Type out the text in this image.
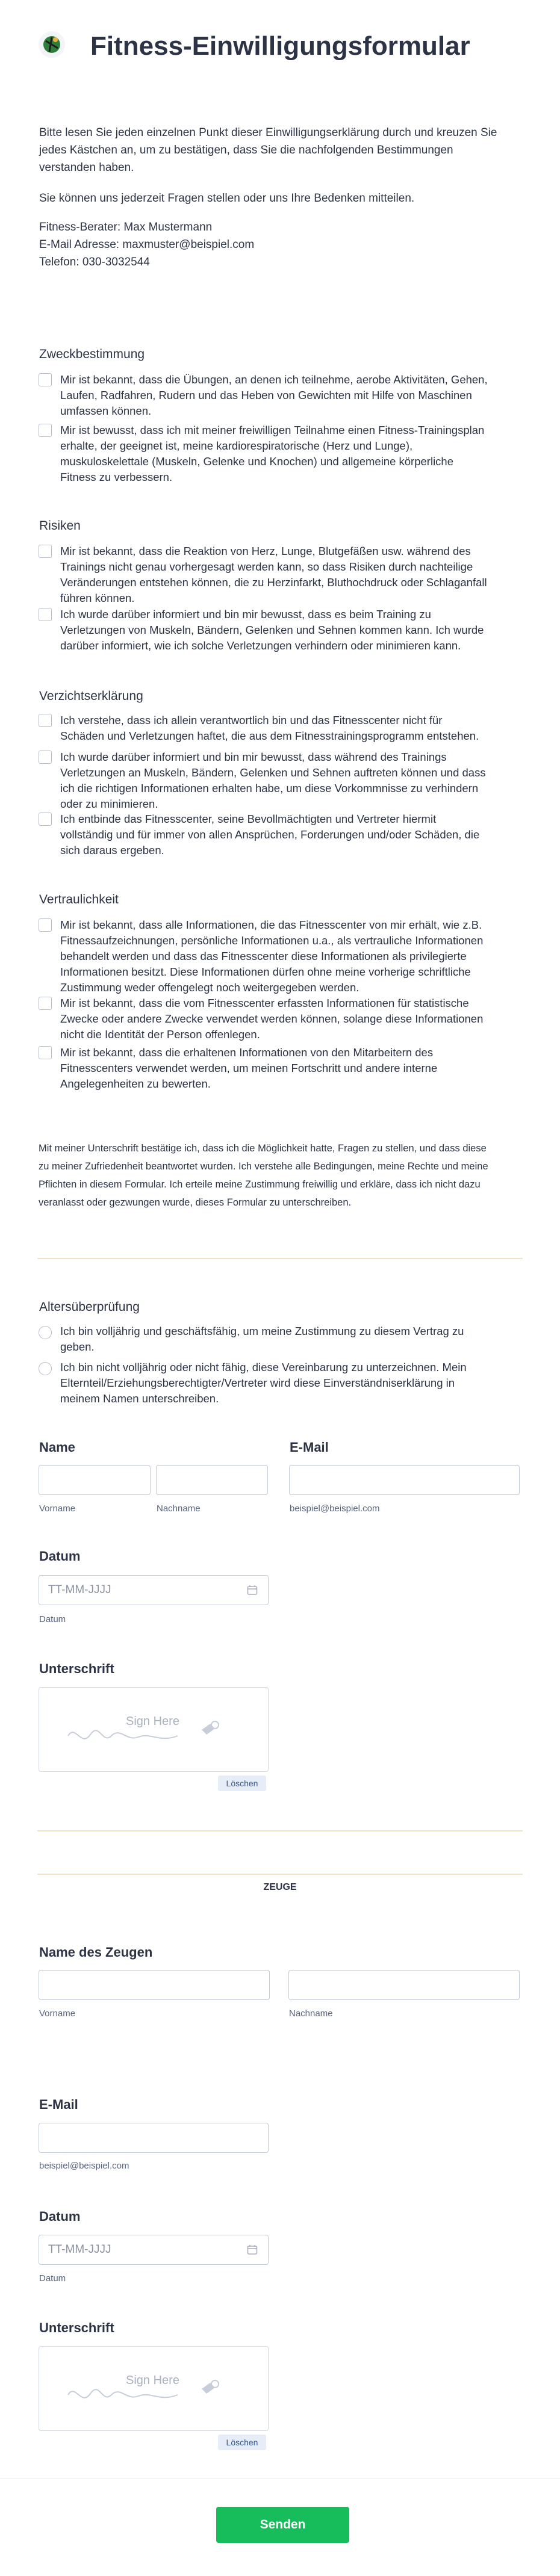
Fitness-Einwilligungsformular
Bitte lesen Sie jeden einzelnen Punkt dieser Einwilligungserklärung durch und kreuzen Sie
jedes Kästchen an, um zu bestätigen, dass Sie die nachfolgenden Bestimmungen
verstanden haben.
Sie können uns jederzeit Fragen stellen oder uns Ihre Bedenken mitteilen.
Fitness-Berater: Max Mustermann
E-Mail Adresse: maxmuster@beispiel.com
Telefon: 030-3032544
Zweckbestimmung
Mir ist bekannt, dass die Übungen, an denen ich teilnehme, aerobe Aktivitäten, Gehen,
Laufen, Radfahren, Rudern und das Heben von Gewichten mit Hilfe von Maschinen
umfassen können.
Mir ist bewusst, dass ich mit meiner freiwilligen Teilnahme einen Fitness-Trainingsplan
erhalte, der geeignet ist, meine kardiorespiratorische (Herz und Lunge),
muskuloskelettale (Muskeln, Gelenke und Knochen) und allgemeine körperliche
Fitness zu verbessern.
Risiken
Mir ist bekannt, dass die Reaktion von Herz, Lunge, Blutgefäßen usw. während des
Trainings nicht genau vorhergesagt werden kann, so dass Risiken durch nachteilige
Veränderungen entstehen können, die zu Herzinfarkt, Bluthochdruck oder Schlaganfall
führen können.
Ich wurde darüber informiert und bin mir bewusst, dass es beim Training zu
Verletzungen von Muskeln, Bändern, Gelenken und Sehnen kommen kann. Ich wurde
darüber informiert, wie ich solche Verletzungen verhindern oder minimieren kann.
Verzichtserklärung
Ich verstehe, dass ich allein verantwortlich bin und das Fitnesscenter nicht für
Schäden und Verletzungen haftet, die aus dem Fitnesstrainingsprogramm entstehen.
Ich wurde darüber informiert und bin mir bewusst, dass während des Trainings
Verletzungen an Muskeln, Bändern, Gelenken und Sehnen auftreten können und dass
ich die richtigen Informationen erhalten habe, um diese Vorkommnisse zu verhindern
oder zu minimieren.
Ich entbinde das Fitnesscenter, seine Bevollmächtigten und Vertreter hiermit
vollständig und für immer von allen Ansprüchen, Forderungen und/oder Schäden, die
sich daraus ergeben.
Vertraulichkeit
Mir ist bekannt, dass alle Informationen, die das Fitnesscenter von mir erhält, wie z.B.
Fitnessaufzeichnungen, persönliche Informationen u.a., als vertrauliche Informationen
behandelt werden und dass das Fitnesscenter diese Informationen als privilegierte
Informationen besitzt. Diese Informationen dürfen ohne meine vorherige schriftliche
Zustimmung weder offengelegt noch weitergegeben werden.
Mir ist bekannt, dass die vom Fitnesscenter erfassten Informationen für statistische
Zwecke oder andere Zwecke verwendet werden können, solange diese Informationen
nicht die Identität der Person offenlegen.
Mir ist bekannt, dass die erhaltenen Informationen von den Mitarbeitern des
Fitnesscenters verwendet werden, um meinen Fortschritt und andere interne
Angelegenheiten zu bewerten.
Mit meiner Unterschrift bestätige ich, dass ich die Möglichkeit hatte, Fragen zu stellen, und dass diese
zu meiner Zufriedenheit beantwortet wurden. Ich verstehe alle Bedingungen, meine Rechte und meine
Pflichten in diesem Formular. Ich erteile meine Zustimmung freiwillig und erkläre, dass ich nicht dazu
veranlasst oder gezwungen wurde, dieses Formular zu unterschreiben.
Altersüberprüfung
Ich bin volljährig und geschäftsfähig, um meine Zustimmung zu diesem Vertrag zu
geben.
Ich bin nicht volljährig oder nicht fähig, diese Vereinbarung zu unterzeichnen. Mein
Elternteil/Erziehungsberechtigter/Vertreter wird diese Einverständniserklärung in
meinem Namen unterschreiben.
Name
Vorname	Nachname
E-Mail
beispiel@beispiel.com
Datum
TT-MM-JJJJ
Datum
Unterschrift
Sign Here
Löschen
ZEUGE
Name des Zeugen
Vorname	Nachname
E-Mail
beispiel@beispiel.com
Datum
TT-MM-JJJJ
Datum
Unterschrift
Sign Here
Löschen
Senden
